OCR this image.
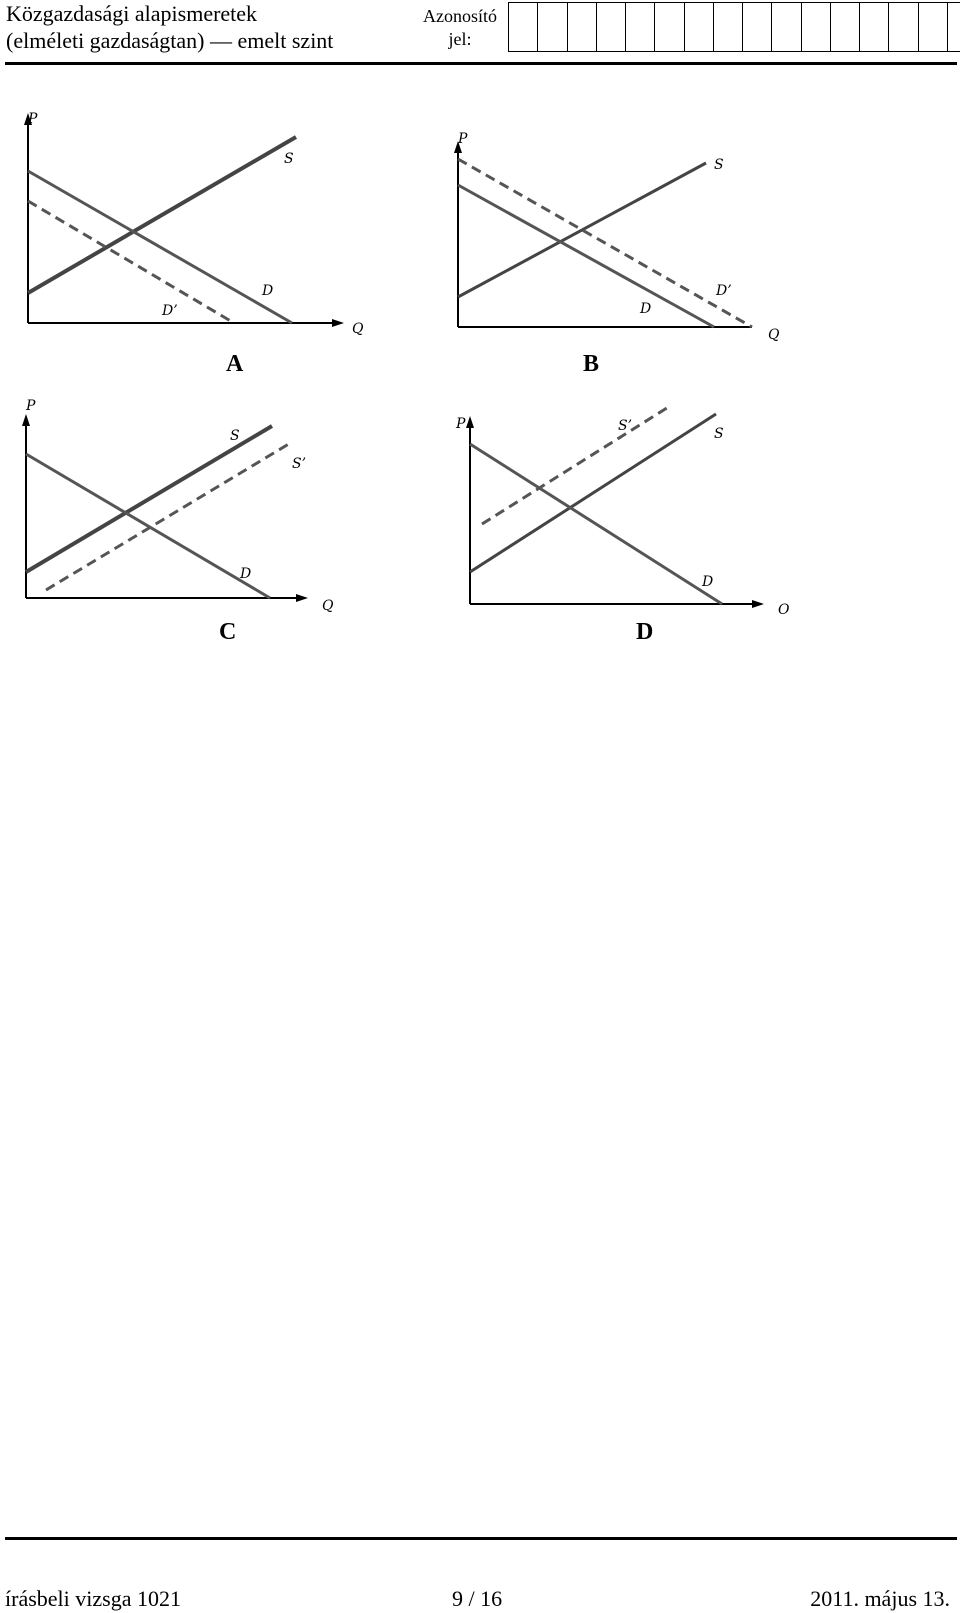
Közgazdasági alapismeretek
(elméleti gazdaságtan) — emelt szint
Azonosító
jel:
P
Q
S
D
D’
A
P
Q
S
D
D’
B
P
Q
S
S’
D
C
P
O
S
S’
D
D
írásbeli vizsga 1021	9 / 16	2011. május 13.
